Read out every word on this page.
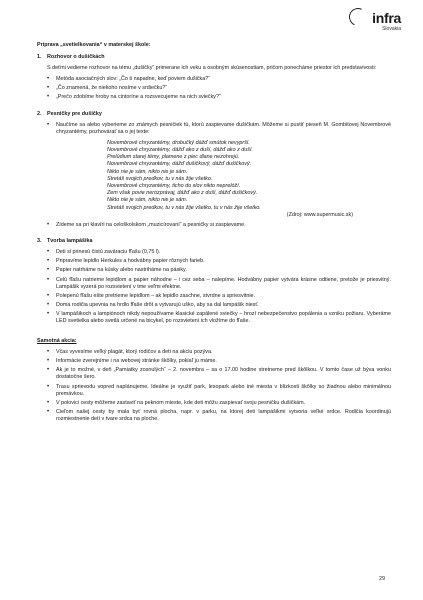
infra
Slovakia
Príprava „svetielkovania“ v materskej škole:
1.	Rozhovor o dušičkách
S deťmi vedieme rozhovor na tému „dušičky“ primerane ich veku a osobným skúsenostiam, pričom ponecháme priestor ich predstavivosti:
• Metóda asociačných slov: „Čo ti napadne, keď poviem dušička?“
• „Čo znamená, že niekoho nosíme v srdiečku?“
• „Prečo zdobíme hroby na cintoríne a rozsvecujeme na nich sviečky?“
2.	Pesničky pre dušičky
• Naučíme sa alebo vyberieme zo známych pesničiek tú, ktorú zaspievame dušičkám. Môžeme si pustiť pieseň M. Gombitovej Novembrové chryzantémy, pozhovárať sa o jej texte:
Novembrové chryzantémy, drobučký dážď smútok nevyprší.
Novembrové chryzantémy, dážď ako z duší, dážď ako z duší.
Prelúdium starej témy, plamene z piec dlane nezohrejú.
Novembrové chryzantémy, dážď dušičkový, dážď dušičkový.
Nikto nie je sám, nikto nie je sám.
Stretáš svojich predkov, tu v nás žije všetko.
Novembrové chryzantémy, ticho do slov nikto neprelóží.
Zem však povie nerozprávaj, dážď ako z duší, dážď dušičkový.
Nikto nie je sám, nikto nie je sám.
Stretáš svojich predkov, tu v nás žije všetko, tu v nás žije všetko.
(Zdroj: www.supermusic.sk)
• Zídeme sa pri klavíri na celoškolskom „muzicírovaní“ a pesničky si zaspievame.
3.	Tvorba lampášika
• Deti si prinesú čistú zaváraciu fľašu (0,75 l).
• Pripravíme lepidlo Herkules a hodvábny papier rôznych farieb.
• Papier natrháme na kúsky alebo nastriháme na pásiky.
• Celú fľašu natrieme lepidlom a papier náhodne – i cez seba – nalepíme. Hodvábny papier vytvára krásne odtiene, pretože je priesvitný. Lampášik vyzerá po rozsvietení v tme veľmi efektne.
• Polepenú fľašu ešte pretrieme lepidlom – ak lepidlo zaschne, stvrdne a spriesvitnie.
• Doma rodičia upevnia na hrdlo fľaše drôt a vytvarujú uško, aby sa dal lampášik niesť.
• V lampášikoch a lampiónoch nikdy nepoužívame klasické zapálené sviečky – hrozí nebezpečenstvo popálenia a vzniku požiaru. Vyberáme LED svetielka alebo svetlá určené na bicykel, po rozsvietení ich vložíme do fľaše.
Samotná akcia:
• Včas vyvesíme veľký plagát, ktorý rodičov a deti na akciu pozýva.
• Informácie zverejníme i na webovej stránke škôlky, pokiaľ ju máme.
• Ak je to možné, v deň „Pamiatky zosnulých“ – 2. novembra – sa o 17.00 hodine stretneme pred škôlkou. V tomto čase už býva vonku dostatočne šero.
• Trasu sprievodu vopred naplánujeme. Ideálne je využiť park, lesopark alebo iné miesta v blízkosti škôlky so žiadnou alebo minimálnou premávkou.
• V polovici cesty môžeme zastaviť na peknom mieste, kde deti môžu zaspievať svoju pesničku dušičkám.
• Cieľom našej cesty by mala byť rovná plocha, napr. v parku, na ktorej deti lampášikmi vytvoria veľké srdce. Rodičia koordinujú rozmiestnenie detí v tvare srdca na ploche.
29
